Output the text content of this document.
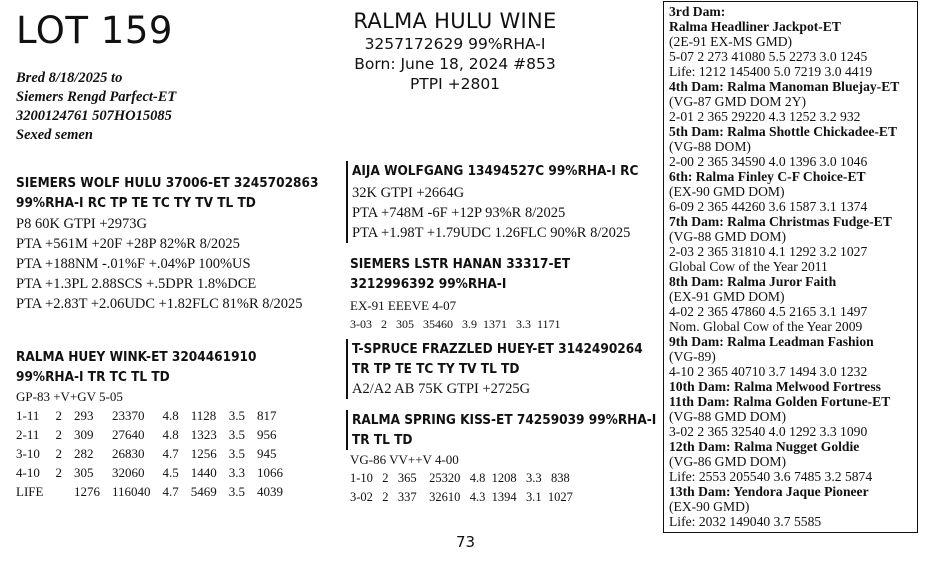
LOT 159
Bred 8/18/2025 to
Siemers Rengd Parfect-ET
3200124761 507HO15085
Sexed semen
RALMA HULU WINE
3257172629 99%RHA-I
Born: June 18, 2024 #853
PTPI +2801
SIEMERS WOLF HULU 37006-ET 3245702863
99%RHA-I RC TP TE TC TY TV TL TD
P8 60K GTPI +2973G
PTA +561M +20F +28P 82%R 8/2025
PTA +188NM -.01%F +.04%P 100%US
PTA +1.3PL 2.88SCS +.5DPR 1.8%DCE
PTA +2.83T +2.06UDC +1.82FLC 81%R 8/2025
RALMA HUEY WINK-ET 3204461910
99%RHA-I TR TC TL TD
GP-83 +V+GV 5-05
1-11	2	293	23370	4.8	1128	3.5	817
2-11	2	309	27640	4.8	1323	3.5	956
3-10	2	282	26830	4.7	1256	3.5	945
4-10	2	305	32060	4.5	1440	3.3	1066
LIFE		1276	116040	4.7	5469	3.5	4039
AIJA WOLFGANG 13494527C 99%RHA-I RC
32K GTPI +2664G
PTA +748M -6F +12P 93%R 8/2025
PTA +1.98T +1.79UDC 1.26FLC 90%R 8/2025
SIEMERS LSTR HANAN 33317-ET
3212996392 99%RHA-I
EX-91 EEEVE 4-07
3-03   2   305   35460   3.9  1371   3.3  1171
T-SPRUCE FRAZZLED HUEY-ET 3142490264
TR TP TE TC TY TV TL TD
A2/A2 AB 75K GTPI +2725G
RALMA SPRING KISS-ET 74259039 99%RHA-I
TR TL TD
VG-86 VV++V 4-00
1-10   2   365    25320   4.8  1208   3.3   838
3-02   2   337    32610   4.3  1394   3.1  1027
3rd Dam:
Ralma Headliner Jackpot-ET
(2E-91 EX-MS GMD)
5-07 2 273 41080 5.5 2273 3.0 1245
Life: 1212 145400 5.0 7219 3.0 4419
4th Dam: Ralma Manoman Bluejay-ET
(VG-87 GMD DOM 2Y)
2-01 2 365 29220 4.3 1252 3.2 932
5th Dam: Ralma Shottle Chickadee-ET
(VG-88 DOM)
2-00 2 365 34590 4.0 1396 3.0 1046
6th: Ralma Finley C-F Choice-ET
(EX-90 GMD DOM)
6-09 2 365 44260 3.6 1587 3.1 1374
7th Dam: Ralma Christmas Fudge-ET
(VG-88 GMD DOM)
2-03 2 365 31810 4.1 1292 3.2 1027
Global Cow of the Year 2011
8th Dam: Ralma Juror Faith
(EX-91 GMD DOM)
4-02 2 365 47860 4.5 2165 3.1 1497
Nom. Global Cow of the Year 2009
9th Dam: Ralma Leadman Fashion
(VG-89)
4-10 2 365 40710 3.7 1494 3.0 1232
10th Dam: Ralma Melwood Fortress
11th Dam: Ralma Golden Fortune-ET
(VG-88 GMD DOM)
3-02 2 365 32540 4.0 1292 3.3 1090
12th Dam: Ralma Nugget Goldie
(VG-86 GMD DOM)
Life: 2553 205540 3.6 7485 3.2 5874
13th Dam: Yendora Jaque Pioneer
(EX-90 GMD)
Life: 2032 149040 3.7 5585
73
